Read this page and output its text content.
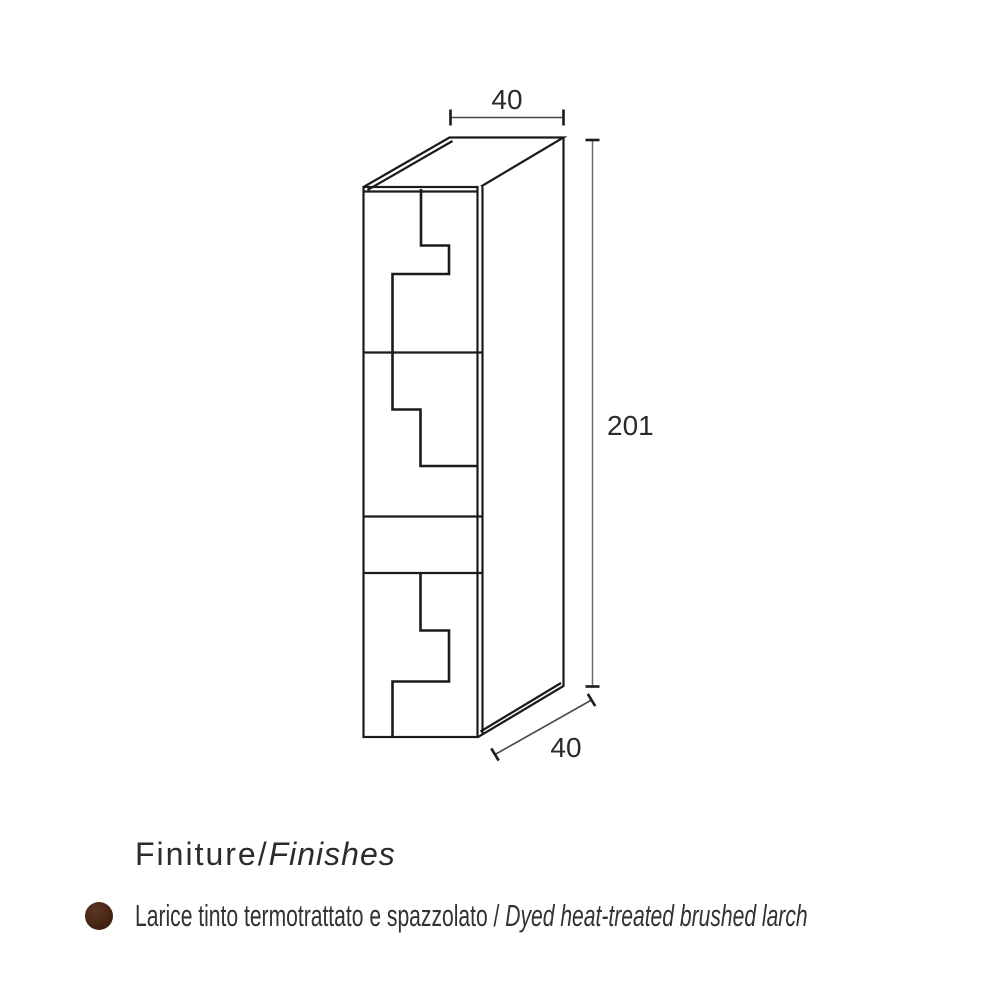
40
201
40
Finiture/Finishes
Larice tinto termotrattato e spazzolato / Dyed heat-treated brushed larch
